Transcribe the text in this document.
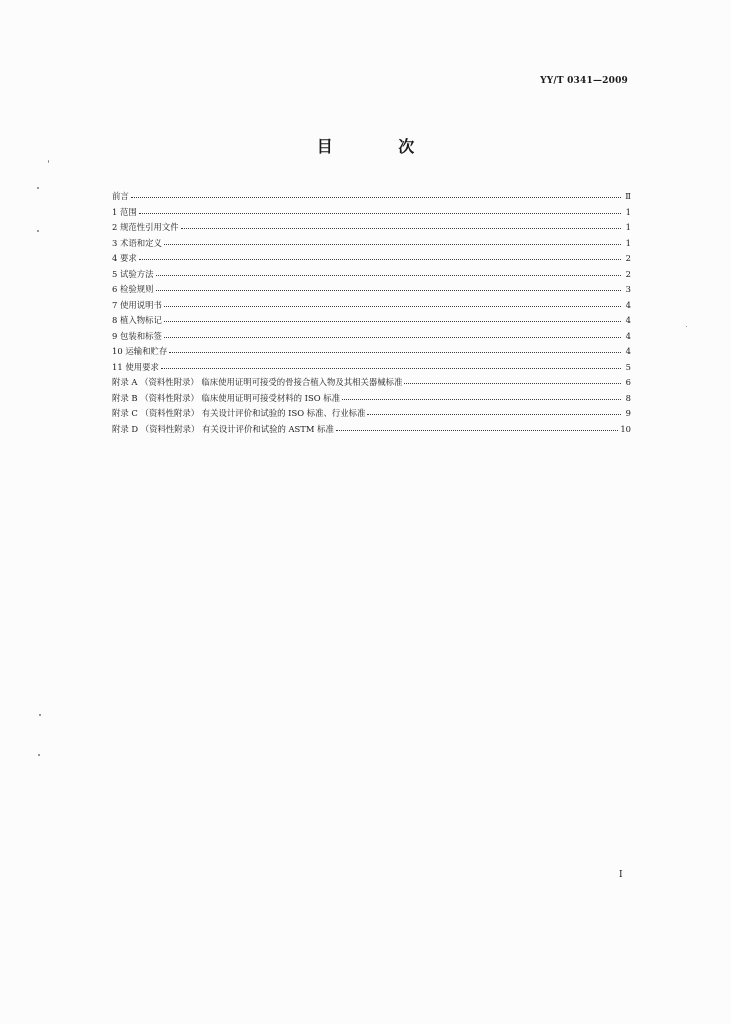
YY/T 0341—2009
目 次
前言	Ⅱ
1 范围	1
2 规范性引用文件	1
3 术语和定义	1
4 要求	2
5 试验方法	2
6 检验规则	3
7 使用说明书	4
8 植入物标记	4
9 包装和标签	4
10 运输和贮存	4
11 使用要求	5
附录 A （资料性附录） 临床使用证明可接受的骨接合植入物及其相关器械标准	6
附录 B （资料性附录） 临床使用证明可接受材料的 ISO 标准	8
附录 C （资料性附录） 有关设计评价和试验的 ISO 标准、行业标准	9
附录 D （资料性附录） 有关设计评价和试验的 ASTM 标准	10
I
